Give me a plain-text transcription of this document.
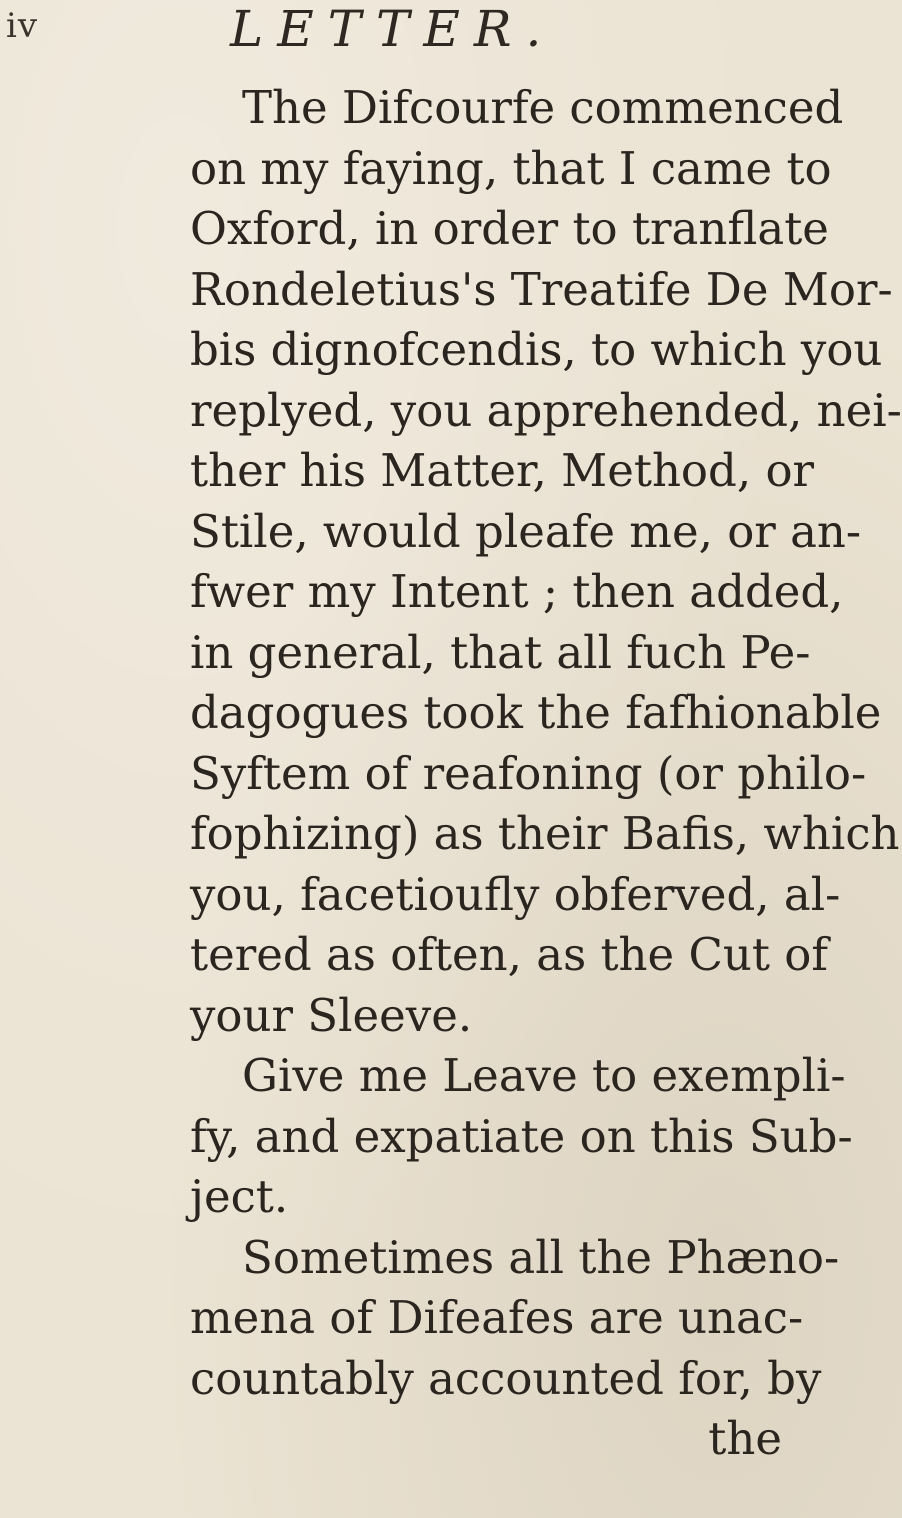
iv	LETTER.
The Difcourfe commenced
on my faying, that I came to
Oxford, in order to tranflate
Rondeletius's Treatife De Mor-
bis dignofcendis, to which you
replyed, you apprehended, nei-
ther his Matter, Method, or
Stile, would pleafe me, or an-
fwer my Intent ; then added,
in general, that all fuch Pe-
dagogues took the fafhionable
Syftem of reafoning (or philo-
fophizing) as their Bafis, which
you, facetioufly obferved, al-
tered as often, as the Cut of
your Sleeve.
Give me Leave to exempli-
fy, and expatiate on this Sub-
ject.
Sometimes all the Phæno-
mena of Difeafes are unac-
countably accounted for, by
the
